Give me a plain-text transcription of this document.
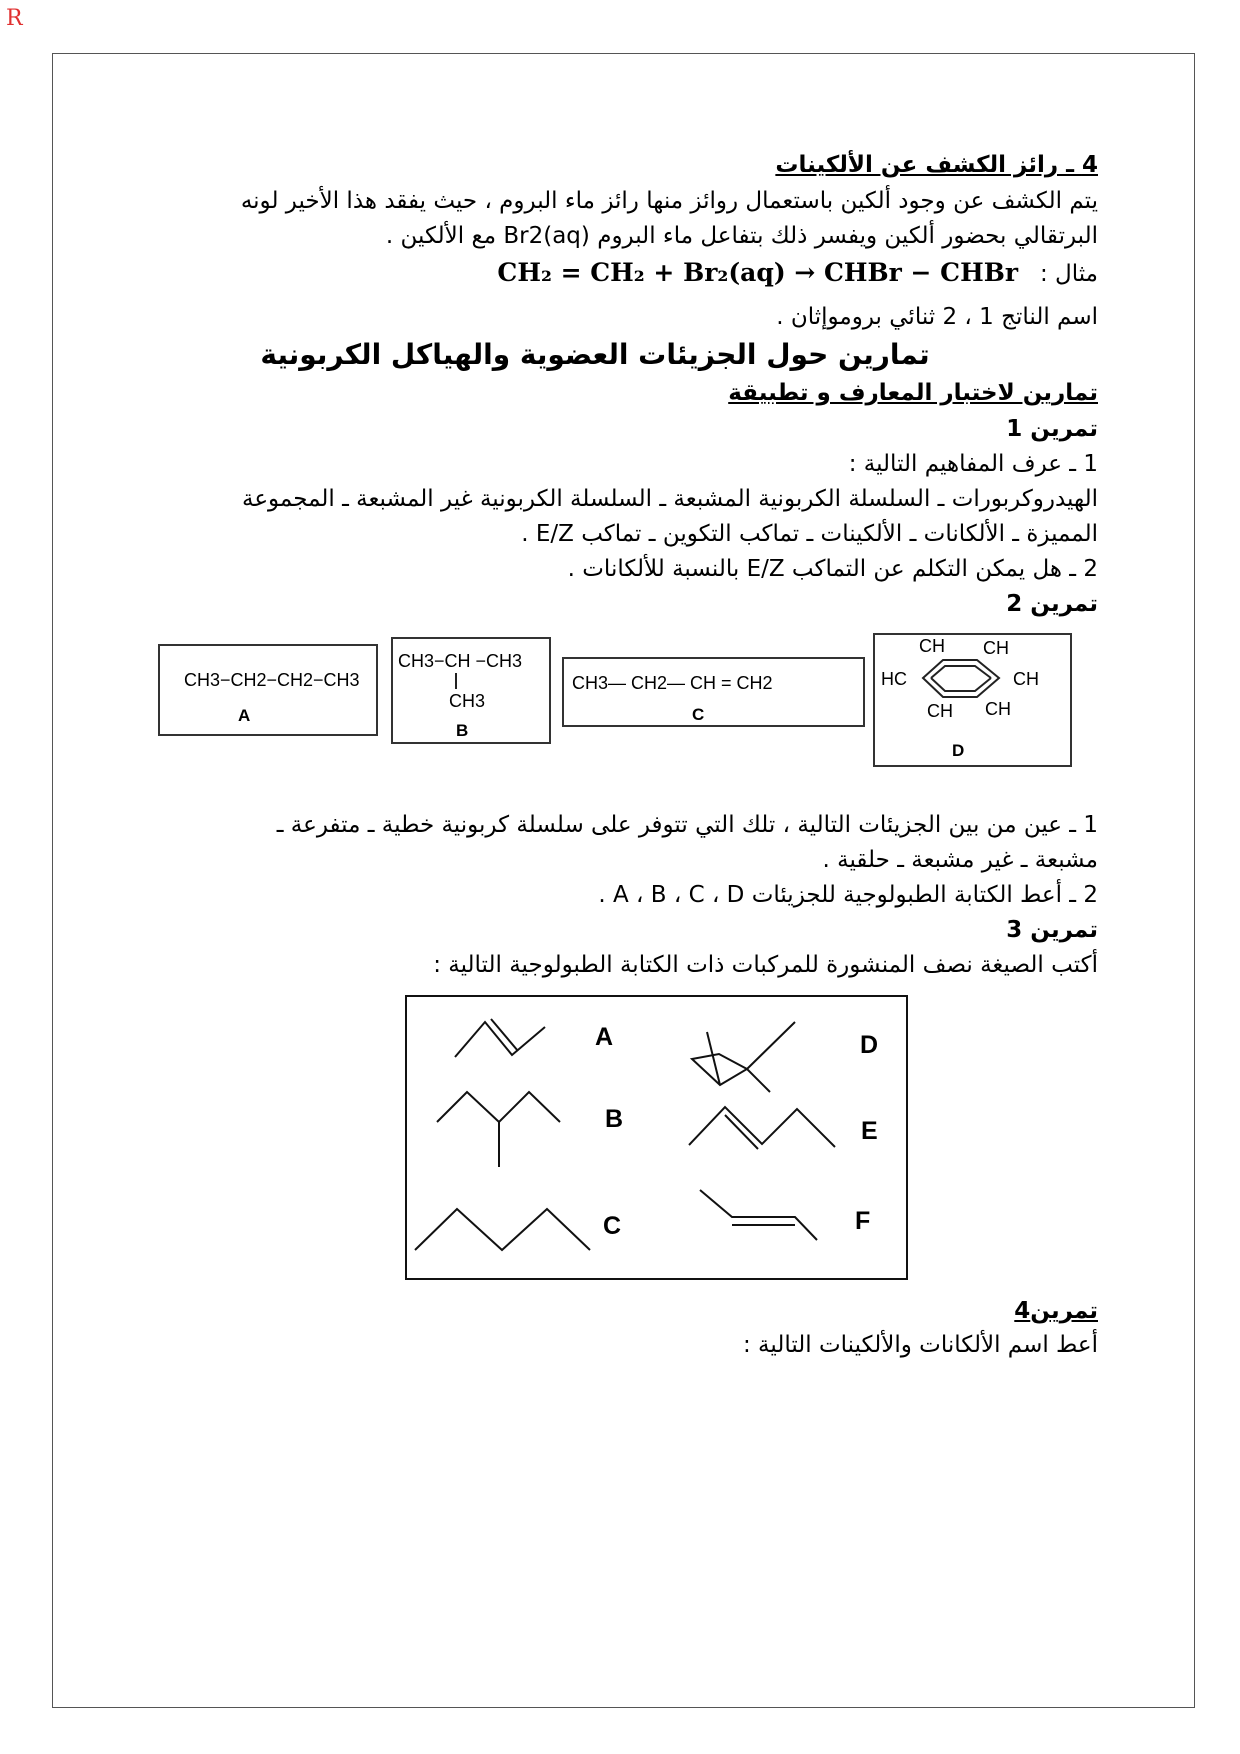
R
4 ـ رائز الكشف عن الألكينات
يتم الكشف عن وجود ألكين باستعمال روائز منها رائز ماء البروم ، حيث يفقد هذا الأخير لونه
البرتقالي بحضور ألكين ويفسر ذلك بتفاعل ماء البروم (Br2(aq مع الألكين .
مثال :   CH₂ = CH₂ + Br₂(aq) → CHBr − CHBr
اسم الناتج 1 ، 2 ثنائي بروموإثان .
تمارين حول الجزيئات العضوية والهياكل الكربونية
تمارين لاختبار المعارف و تطبيقة
تمرين 1
1 ـ عرف المفاهيم التالية :
الهيدروكربورات ـ السلسلة الكربونية المشبعة ـ السلسلة الكربونية غير المشبعة ـ المجموعة
المميزة ـ الألكانات ـ الألكينات ـ تماكب التكوين ـ تماكب E/Z .
2 ـ هل يمكن التكلم عن التماكب E/Z بالنسبة للألكانات .
تمرين 2
CH3−CH2−CH2−CH3
A
CH3−CH −CH3
CH3
B
CH3— CH2— CH = CH2
C
CH CH
HC	CH
CH CH
D
1 ـ عين من بين الجزيئات التالية ، تلك التي تتوفر على سلسلة كربونية خطية ـ متفرعة ـ
مشبعة ـ غير مشبعة ـ حلقية .
2 ـ أعط الكتابة الطبولوجية للجزيئات A ، B ، C ، D .
تمرين 3
أكتب الصيغة نصف المنشورة للمركبات ذات الكتابة الطبولوجية التالية :
A
B
C
D
E
F
تمرين4
أعط اسم الألكانات والألكينات التالية :
